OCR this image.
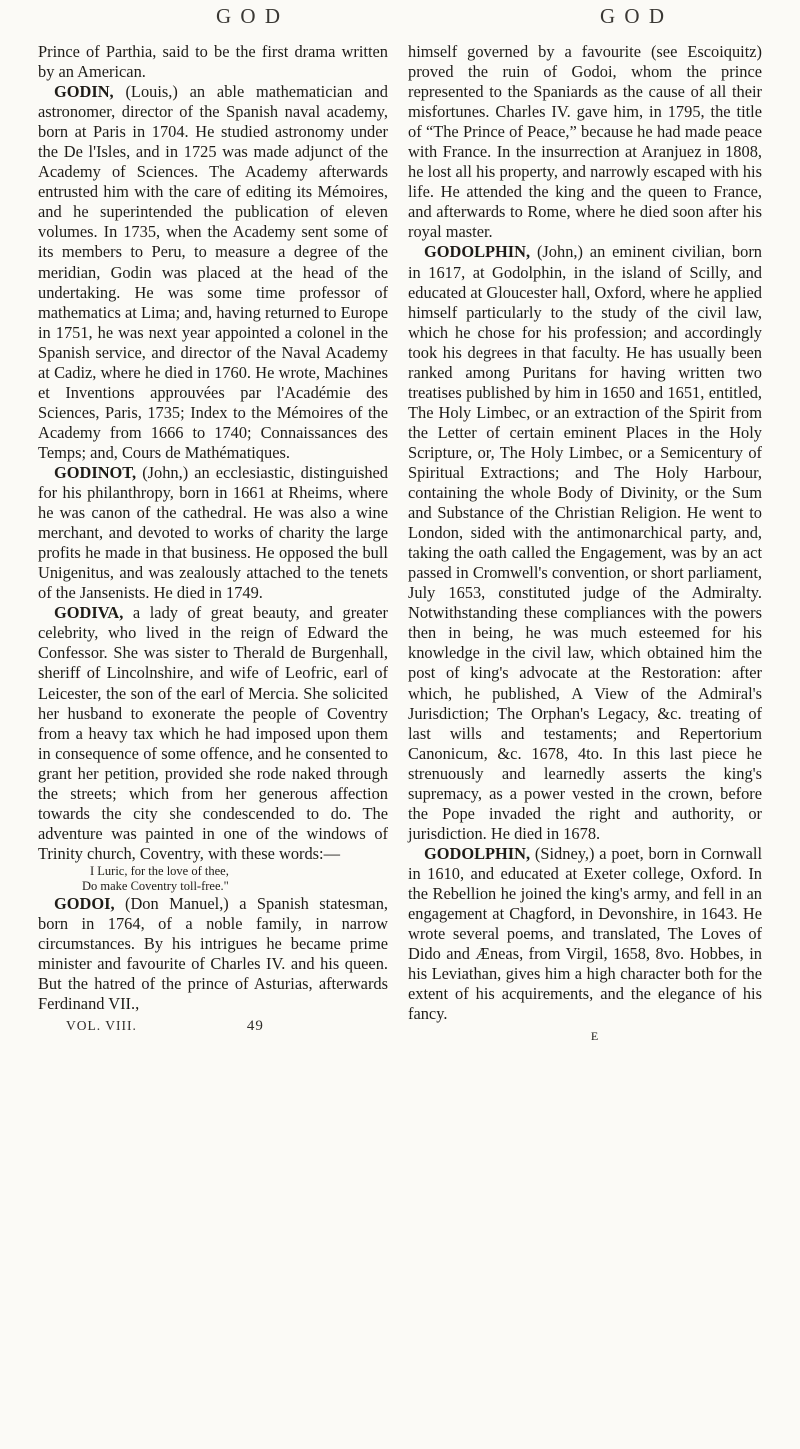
G O D	G O D

Prince of Parthia, said to be the first drama written by an American.

GODIN, (Louis,) an able mathematician and astronomer, director of the Spanish naval academy, born at Paris in 1704. He studied astronomy under the De l'Isles, and in 1725 was made adjunct of the Academy of Sciences. The Academy afterwards entrusted him with the care of editing its Mémoires, and he superintended the publication of eleven volumes. In 1735, when the Academy sent some of its members to Peru, to measure a degree of the meridian, Godin was placed at the head of the undertaking. He was some time professor of mathematics at Lima; and, having returned to Europe in 1751, he was next year appointed a colonel in the Spanish service, and director of the Naval Academy at Cadiz, where he died in 1760. He wrote, Machines et Inventions approuvées par l'Académie des Sciences, Paris, 1735; Index to the Mémoires of the Academy from 1666 to 1740; Connaissances des Temps; and, Cours de Mathématiques.

GODINOT, (John,) an ecclesiastic, distinguished for his philanthropy, born in 1661 at Rheims, where he was canon of the cathedral. He was also a wine merchant, and devoted to works of charity the large profits he made in that business. He opposed the bull Unigenitus, and was zealously attached to the tenets of the Jansenists. He died in 1749.

GODIVA, a lady of great beauty, and greater celebrity, who lived in the reign of Edward the Confessor. She was sister to Therald de Burgenhall, sheriff of Lincolnshire, and wife of Leofric, earl of Leicester, the son of the earl of Mercia. She solicited her husband to exonerate the people of Coventry from a heavy tax which he had imposed upon them in consequence of some offence, and he consented to grant her petition, provided she rode naked through the streets; which from her generous affection towards the city she condescended to do. The adventure was painted in one of the windows of Trinity church, Coventry, with these words:—

I Luric, for the love of thee,

Do make Coventry toll-free."

GODOI, (Don Manuel,) a Spanish statesman, born in 1764, of a noble family, in narrow circumstances. By his intrigues he became prime minister and favourite of Charles IV. and his queen. But the hatred of the prince of Asturias, afterwards Ferdinand VII.,

VOL. VIII.	49

himself governed by a favourite (see Escoiquitz) proved the ruin of Godoi, whom the prince represented to the Spaniards as the cause of all their misfortunes. Charles IV. gave him, in 1795, the title of “The Prince of Peace,” because he had made peace with France. In the insurrection at Aranjuez in 1808, he lost all his property, and narrowly escaped with his life. He attended the king and the queen to France, and afterwards to Rome, where he died soon after his royal master.

GODOLPHIN, (John,) an eminent civilian, born in 1617, at Godolphin, in the island of Scilly, and educated at Gloucester hall, Oxford, where he applied himself particularly to the study of the civil law, which he chose for his profession; and accordingly took his degrees in that faculty. He has usually been ranked among Puritans for having written two treatises published by him in 1650 and 1651, entitled, The Holy Limbec, or an extraction of the Spirit from the Letter of certain eminent Places in the Holy Scripture, or, The Holy Limbec, or a Semicentury of Spiritual Extractions; and The Holy Harbour, containing the whole Body of Divinity, or the Sum and Substance of the Christian Religion. He went to London, sided with the antimonarchical party, and, taking the oath called the Engagement, was by an act passed in Cromwell's convention, or short parliament, July 1653, constituted judge of the Admiralty. Notwithstanding these compliances with the powers then in being, he was much esteemed for his knowledge in the civil law, which obtained him the post of king's advocate at the Restoration: after which, he published, A View of the Admiral's Jurisdiction; The Orphan's Legacy, &c. treating of last wills and testaments; and Repertorium Canonicum, &c. 1678, 4to. In this last piece he strenuously and learnedly asserts the king's supremacy, as a power vested in the crown, before the Pope invaded the right and authority, or jurisdiction. He died in 1678.

GODOLPHIN, (Sidney,) a poet, born in Cornwall in 1610, and educated at Exeter college, Oxford. In the Rebellion he joined the king's army, and fell in an engagement at Chagford, in Devonshire, in 1643. He wrote several poems, and translated, The Loves of Dido and Æneas, from Virgil, 1658, 8vo. Hobbes, in his Leviathan, gives him a high character both for the extent of his acquirements, and the elegance of his fancy.

E
